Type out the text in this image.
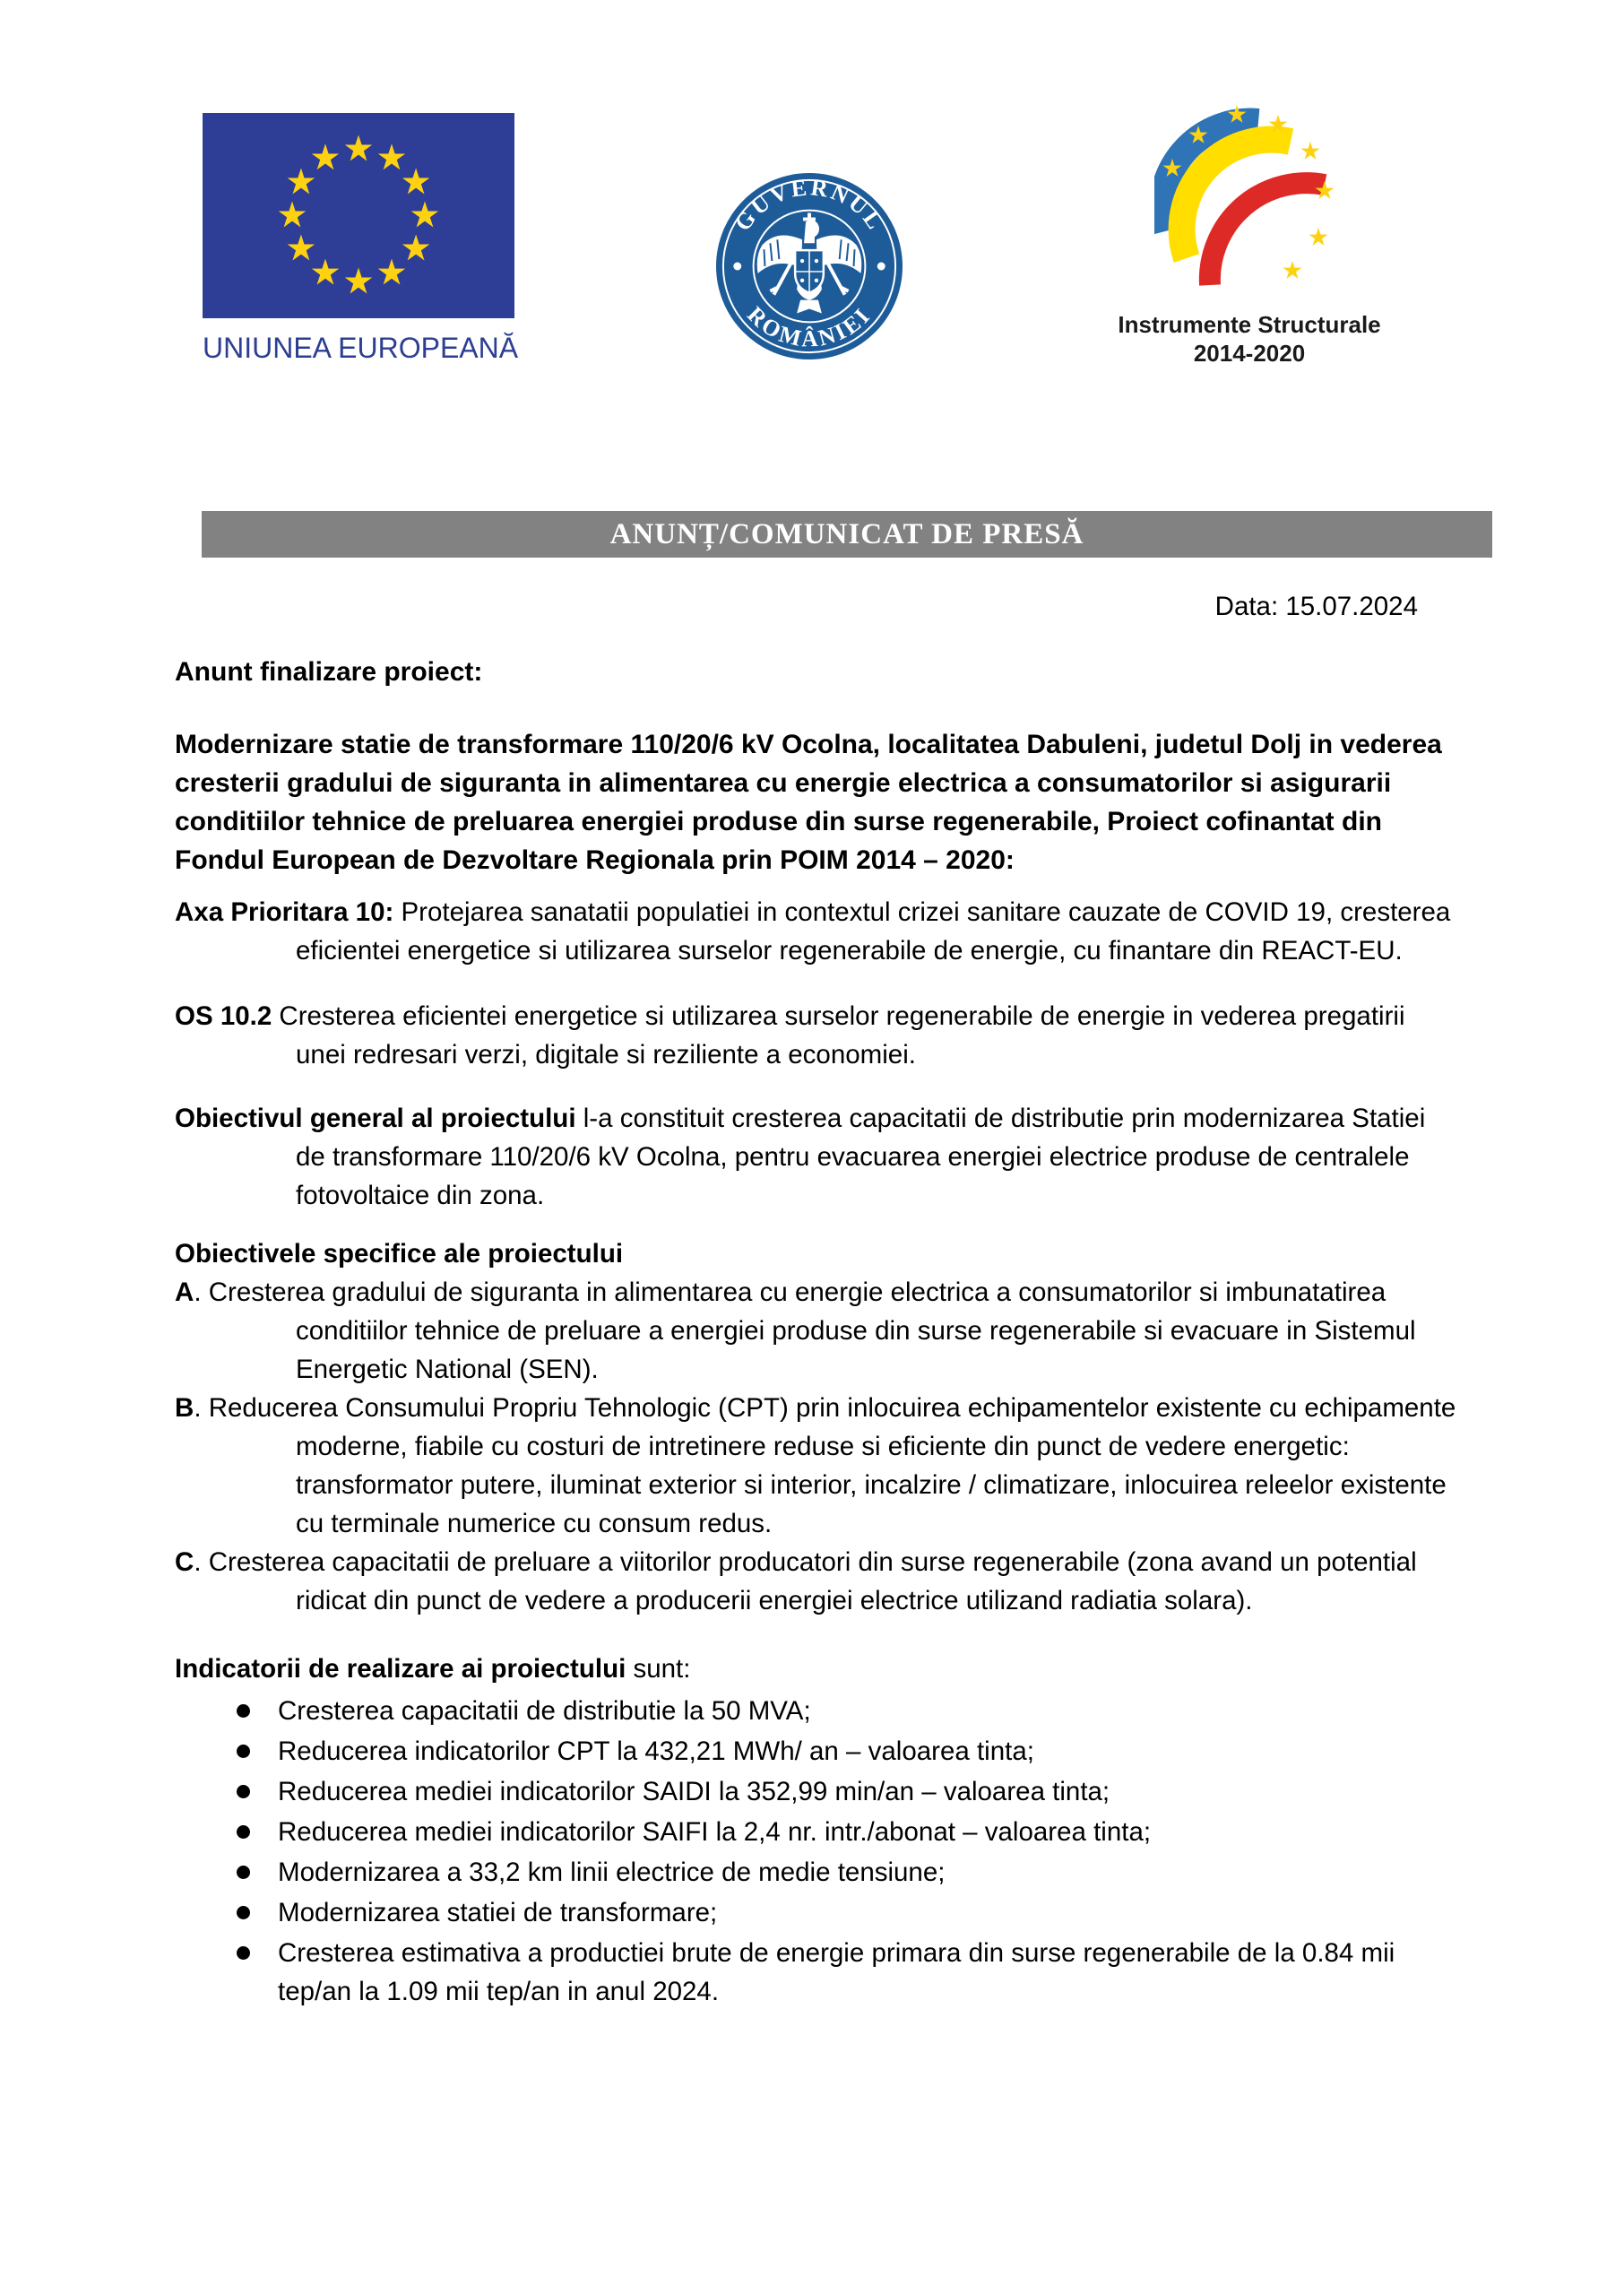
UNIUNEA EUROPEANĂ
GUVERNUL
ROMÂNIEI	Instrumente Structurale
2014-2020
ANUNȚ/COMUNICAT DE PRESĂ
Data: 15.07.2024

Anunt finalizare proiect:

Modernizare statie de transformare 110/20/6 kV Ocolna, localitatea Dabuleni, judetul Dolj in vederea cresterii gradului de siguranta in alimentarea cu energie electrica a consumatorilor si asigurarii conditiilor tehnice de preluarea energiei produse din surse regenerabile, Proiect cofinantat din Fondul European de Dezvoltare Regionala prin POIM 2014 – 2020:

Axa Prioritara 10: Protejarea sanatatii populatiei in contextul crizei sanitare cauzate de COVID 19, cresterea eficientei energetice si utilizarea surselor regenerabile de energie, cu finantare din REACT-EU.

OS 10.2 Cresterea eficientei energetice si utilizarea surselor regenerabile de energie in vederea pregatirii unei redresari verzi, digitale si reziliente a economiei.

Obiectivul general al proiectului l-a constituit cresterea capacitatii de distributie prin modernizarea Statiei de transformare 110/20/6 kV Ocolna, pentru evacuarea energiei electrice produse de centralele fotovoltaice din zona.

Obiectivele specifice ale proiectului

A. Cresterea gradului de siguranta in alimentarea cu energie electrica a consumatorilor si imbunatatirea conditiilor tehnice de preluare a energiei produse din surse regenerabile si evacuare in Sistemul Energetic National (SEN).

B. Reducerea Consumului Propriu Tehnologic (CPT) prin inlocuirea echipamentelor existente cu echipamente moderne, fiabile cu costuri de intretinere reduse si eficiente din punct de vedere energetic: transformator putere, iluminat exterior si interior, incalzire / climatizare, inlocuirea releelor existente cu terminale numerice cu consum redus.

C. Cresterea capacitatii de preluare a viitorilor producatori din surse regenerabile (zona avand un potential ridicat din punct de vedere a producerii energiei electrice utilizand radiatia solara).

Indicatorii de realizare ai proiectului sunt:

Cresterea capacitatii de distributie la 50 MVA;
Reducerea indicatorilor CPT la 432,21 MWh/ an – valoarea tinta;
Reducerea mediei indicatorilor SAIDI la 352,99 min/an – valoarea tinta;
Reducerea mediei indicatorilor SAIFI la 2,4 nr. intr./abonat – valoarea tinta;
Modernizarea a 33,2 km linii electrice de medie tensiune;
Modernizarea statiei de transformare;
Cresterea estimativa a productiei brute de energie primara din surse regenerabile de la 0.84 mii tep/an la 1.09 mii tep/an in anul 2024.
